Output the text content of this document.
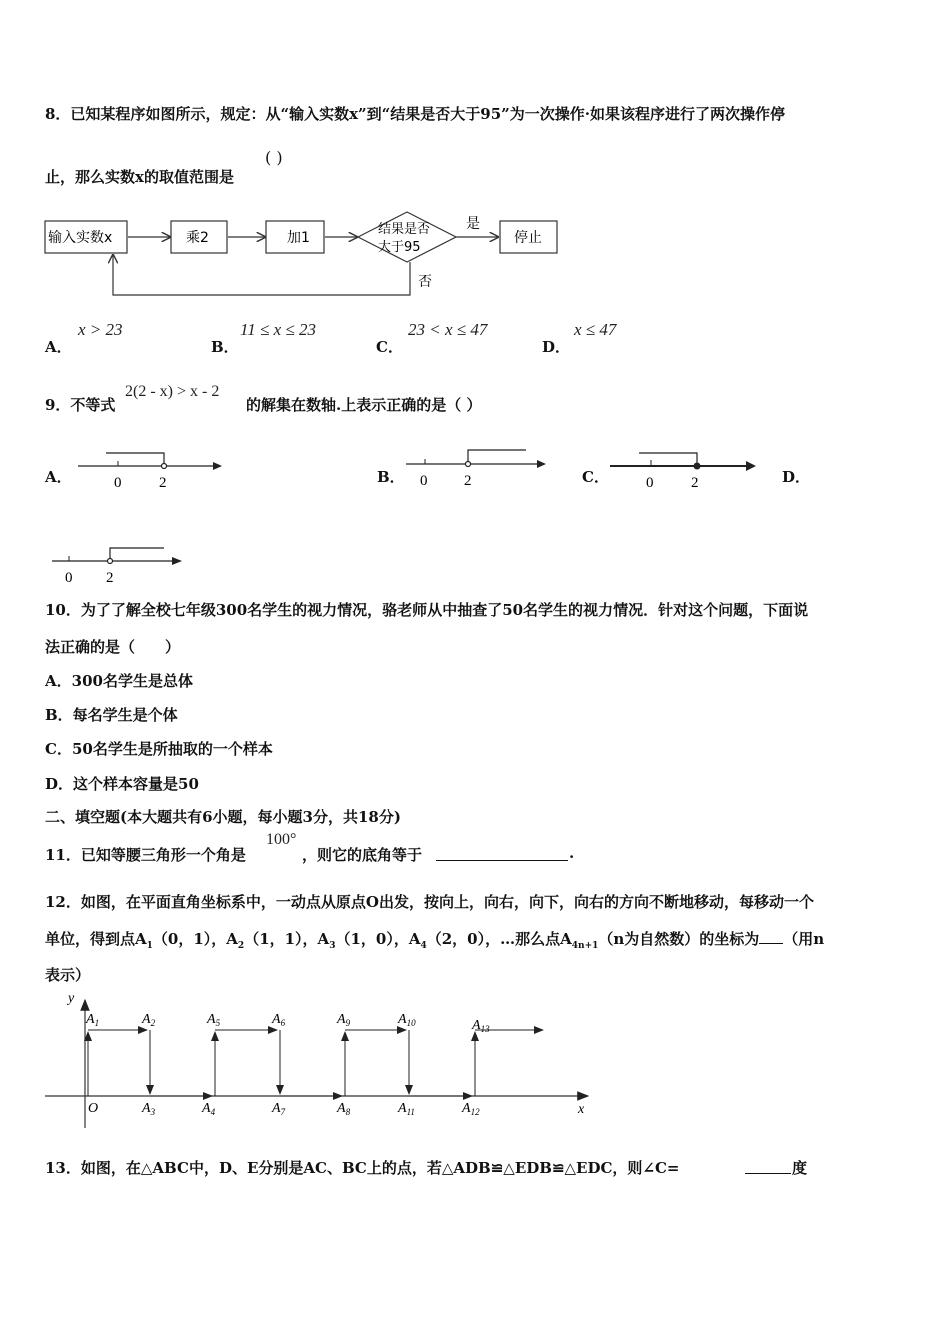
8．已知某程序如图所示，规定：从“输入实数x”到“结果是否大于95”为一次操作·如果该程序进行了两次操作停
止，那么实数x的取值范围是
( )
输入实数x	乘2	加1
结果是否
大于95
是
停止
否
A．
x > 23
B．
11 ≤ x ≤ 23
C．
23 < x ≤ 47
D．
x ≤ 47
9．不等式
2(2 - x) > x - 2
的解集在数轴.上表示正确的是（ ）
A．	0	2	B． 0 2	C． 0	2	D．
0 2
10．为了了解全校七年级300名学生的视力情况，骆老师从中抽查了50名学生的视力情况．针对这个问题，下面说
法正确的是（　　）
A．300名学生是总体
B．每名学生是个体
C．50名学生是所抽取的一个样本
D．这个样本容量是50
二、填空题(本大题共有6小题，每小题3分，共18分)
11．已知等腰三角形一个角是
100°
，则它的底角等于	.
12．如图，在平面直角坐标系中，一动点从原点O出发，按向上，向右，向下，向右的方向不断地移动，每移动一个
单位，得到点$A_1(0$，1），$A_2(1$，1），$A_3(1$，0），$A_4(2$，0），…那么点$A_{4n+1}(n$为自然数）的坐标为 （用n
表示）
y
x
O
$A_1$	$A_2$	$A_5$	$A_6$	$A_9$	$A_{10}$	$A_{13}$
$A_3$	$A_4$	$A_7$	$A_8$	$A_{11}$	$A_{12}$
13．如图，在△ABC中，D、E分别是AC、BC上的点，若△ADB≌△EDB≌△EDC，则∠C=	度
